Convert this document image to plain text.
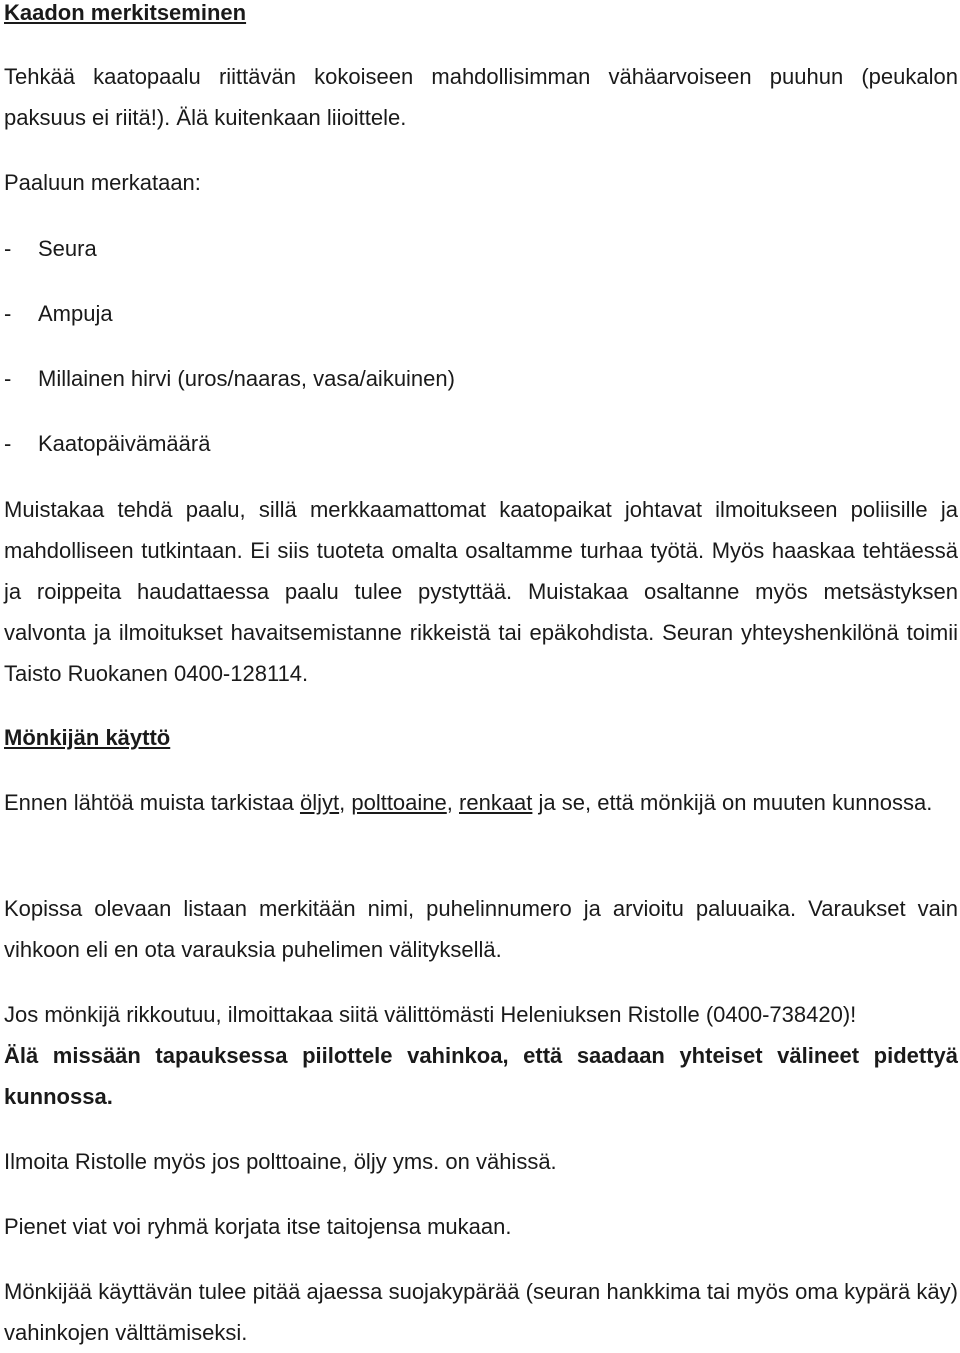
Kaadon merkitseminen

Tehkää kaatopaalu riittävän kokoiseen mahdollisimman vähäarvoiseen puuhun (peukalon paksuus ei riitä!). Älä kuitenkaan liioittele.

Paaluun merkataan:

- Seura
- Ampuja
- Millainen hirvi (uros/naaras, vasa/aikuinen)
- Kaatopäivämäärä

Muistakaa tehdä paalu, sillä merkkaamattomat kaatopaikat johtavat ilmoitukseen poliisille ja mahdolliseen tutkintaan. Ei siis tuoteta omalta osaltamme turhaa työtä. Myös haaskaa tehtäessä ja roippeita haudattaessa paalu tulee pystyttää. Muistakaa osaltanne myös metsästyksen valvonta ja ilmoitukset havaitsemistanne rikkeistä tai epäkohdista. Seuran yhteyshenkilönä toimii Taisto Ruokanen 0400-128114.

Mönkijän käyttö

Ennen lähtöä muista tarkistaa öljyt, polttoaine, renkaat ja se, että mönkijä on muuten kunnossa.

Kopissa olevaan listaan merkitään nimi, puhelinnumero ja arvioitu paluuaika. Varaukset vain vihkoon eli en ota varauksia puhelimen välityksellä.

Jos mönkijä rikkoutuu, ilmoittakaa siitä välittömästi Heleniuksen Ristolle (0400-738420)!

Älä missään tapauksessa piilottele vahinkoa, että saadaan yhteiset välineet pidettyä kunnossa.

Ilmoita Ristolle myös jos polttoaine, öljy yms. on vähissä.

Pienet viat voi ryhmä korjata itse taitojensa mukaan.

Mönkijää käyttävän tulee pitää ajaessa suojakypärää (seuran hankkima tai myös oma kypärä käy) vahinkojen välttämiseksi.
